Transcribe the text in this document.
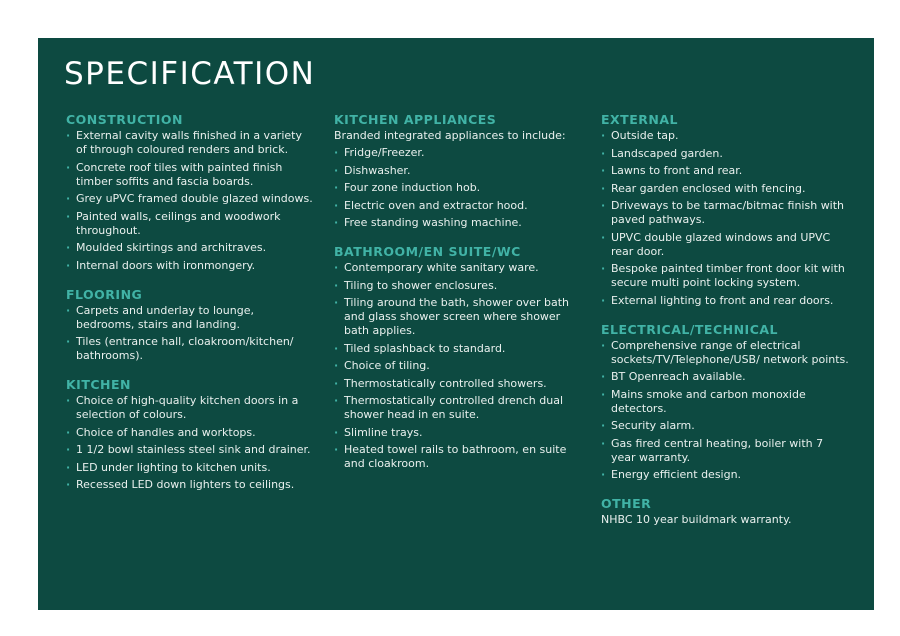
SPECIFICATION
CONSTRUCTION
· External cavity walls finished in a variety of through coloured renders and brick.
· Concrete roof tiles with painted finish timber soffits and fascia boards.
· Grey uPVC framed double glazed windows.
· Painted walls, ceilings and woodwork throughout.
· Moulded skirtings and architraves.
· Internal doors with ironmongery.
FLOORING
· Carpets and underlay to lounge, bedrooms, stairs and landing.
· Tiles (entrance hall, cloakroom/kitchen/ bathrooms).
KITCHEN
· Choice of high-quality kitchen doors in a selection of colours.
· Choice of handles and worktops.
· 1 1/2 bowl stainless steel sink and drainer.
· LED under lighting to kitchen units.
· Recessed LED down lighters to ceilings.
KITCHEN APPLIANCES
Branded integrated appliances to include:
· Fridge/Freezer.
· Dishwasher.
· Four zone induction hob.
· Electric oven and extractor hood.
· Free standing washing machine.
BATHROOM/EN SUITE/WC
· Contemporary white sanitary ware.
· Tiling to shower enclosures.
· Tiling around the bath, shower over bath and glass shower screen where shower bath applies.
· Tiled splashback to standard.
· Choice of tiling.
· Thermostatically controlled showers.
· Thermostatically controlled drench dual shower head in en suite.
· Slimline trays.
· Heated towel rails to bathroom, en suite and cloakroom.
EXTERNAL
· Outside tap.
· Landscaped garden.
· Lawns to front and rear.
· Rear garden enclosed with fencing.
· Driveways to be tarmac/bitmac finish with paved pathways.
· UPVC double glazed windows and UPVC rear door.
· Bespoke painted timber front door kit with secure multi point locking system.
· External lighting to front and rear doors.
ELECTRICAL/TECHNICAL
· Comprehensive range of electrical sockets/TV/Telephone/USB/ network points.
· BT Openreach available.
· Mains smoke and carbon monoxide detectors.
· Security alarm.
· Gas fired central heating, boiler with 7 year warranty.
· Energy efficient design.
OTHER
NHBC 10 year buildmark warranty.
